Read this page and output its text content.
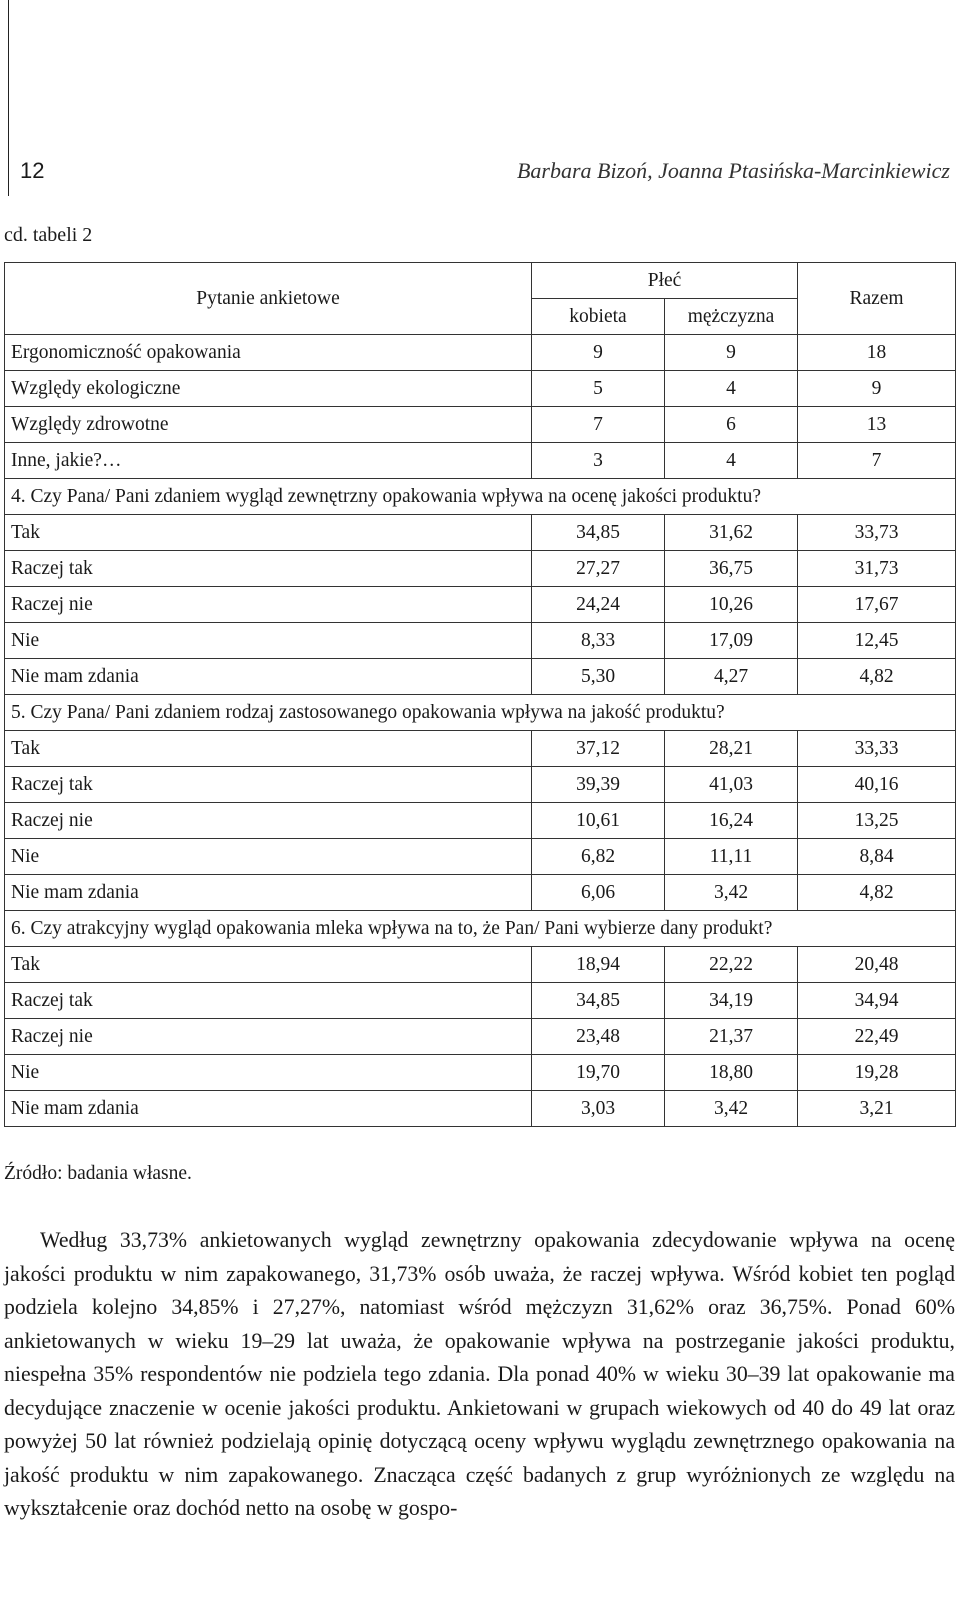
12	Barbara Bizoń, Joanna Ptasińska-Marcinkiewicz
cd. tabeli 2
Pytanie ankietowe	Płeć		Razem
	kobieta	mężczyzna	
Ergonomiczność opakowania	9	9	18
Względy ekologiczne	5	4	9
Względy zdrowotne	7	6	13
Inne, jakie?…	3	4	7
4. Czy Pana/ Pani zdaniem wygląd zewnętrzny opakowania wpływa na ocenę jakości produktu?			
Tak	34,85	31,62	33,73
Raczej tak	27,27	36,75	31,73
Raczej nie	24,24	10,26	17,67
Nie	8,33	17,09	12,45
Nie mam zdania	5,30	4,27	4,82
5. Czy Pana/ Pani zdaniem rodzaj zastosowanego opakowania wpływa na jakość produktu?			
Tak	37,12	28,21	33,33
Raczej tak	39,39	41,03	40,16
Raczej nie	10,61	16,24	13,25
Nie	6,82	11,11	8,84
Nie mam zdania	6,06	3,42	4,82
6. Czy atrakcyjny wygląd opakowania mleka wpływa na to, że Pan/ Pani wybierze dany produkt?			
Tak	18,94	22,22	20,48
Raczej tak	34,85	34,19	34,94
Raczej nie	23,48	21,37	22,49
Nie	19,70	18,80	19,28
Nie mam zdania	3,03	3,42	3,21
Źródło: badania własne.
Według 33,73% ankietowanych wygląd zewnętrzny opakowania zdecydowanie wpływa na ocenę jakości produktu w nim zapakowanego, 31,73% osób uważa, że raczej wpływa. Wśród kobiet ten pogląd podziela kolejno 34,85% i 27,27%, natomiast wśród mężczyzn 31,62% oraz 36,75%. Ponad 60% ankietowanych w wieku 19–29 lat uważa, że opakowanie wpływa na postrzeganie jakości produktu, niespełna 35% respondentów nie podziela tego zdania. Dla ponad 40% w wieku 30–39 lat opakowanie ma decydujące znaczenie w ocenie jakości produktu. Ankietowani w grupach wiekowych od 40 do 49 lat oraz powyżej 50 lat również podzielają opinię dotyczącą oceny wpływu wyglądu zewnętrznego opakowania na jakość produktu w nim zapakowanego. Znacząca część badanych z grup wyróżnionych ze względu na wykształcenie oraz dochód netto na osobę w gospo-
